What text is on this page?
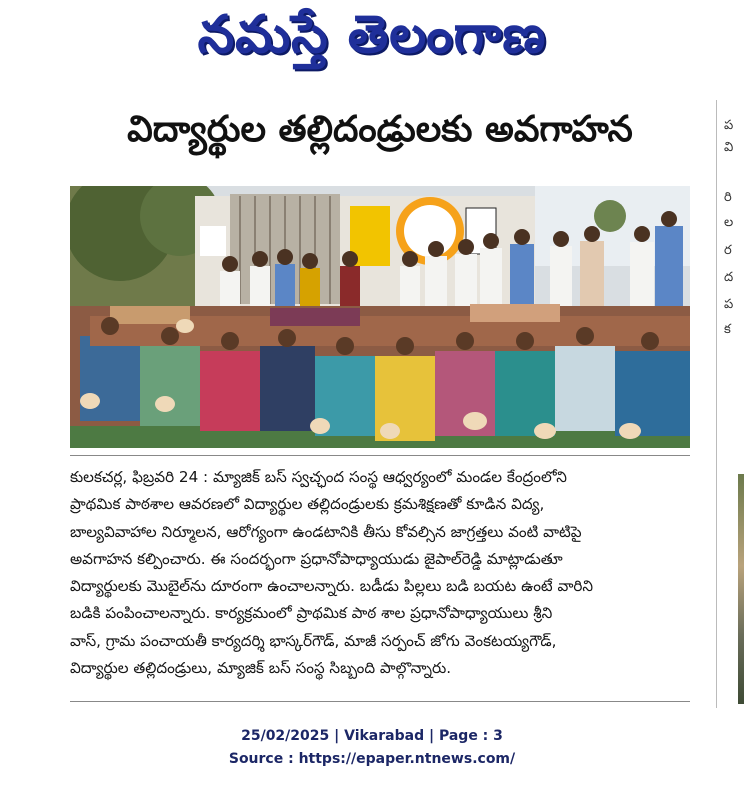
నమస్తే తెలంగాణ
విద్యార్థుల తల్లిదండ్రులకు అవగాహన
కులకచర్ల, ఫిబ్రవరి 24 : మ్యాజిక్ బస్ స్వచ్ఛంద సంస్థ ఆధ్వర్యంలో మండల కేంద్రంలోని
ప్రాథమిక పాఠశాల ఆవరణలో విద్యార్థుల తల్లిదండ్రులకు క్రమశిక్షణతో కూడిన విద్య,
బాల్యవివాహాల నిర్మూలన, ఆరోగ్యంగా ఉండటానికి తీసు కోవల్సిన జాగ్రత్తలు వంటి వాటిపై
అవగాహన కల్పించారు. ఈ సందర్భంగా ప్రధానోపాధ్యాయుడు జైపాల్‌రెడ్డి మాట్లాడుతూ
విద్యార్థులకు మొబైల్‌ను దూరంగా ఉంచాలన్నారు. బడీడు పిల్లలు బడి బయట ఉంటే వారిని
బడికి పంపించాలన్నారు. కార్యక్రమంలో ప్రాథమిక పాఠ శాల ప్రధానోపాధ్యాయులు శ్రీని
వాస్, గ్రామ పంచాయతీ కార్యదర్శి భాస్కర్‌గౌడ్, మాజీ సర్పంచ్ జోగు వెంకటయ్యగౌడ్,
విద్యార్థుల తల్లిదండ్రులు, మ్యాజిక్ బస్ సంస్థ సిబ్బంది పాల్గొన్నారు.
ప
వి
రి
ల
ర
ద
ప
క
25/02/2025 | Vikarabad | Page : 3
Source : https://epaper.ntnews.com/
